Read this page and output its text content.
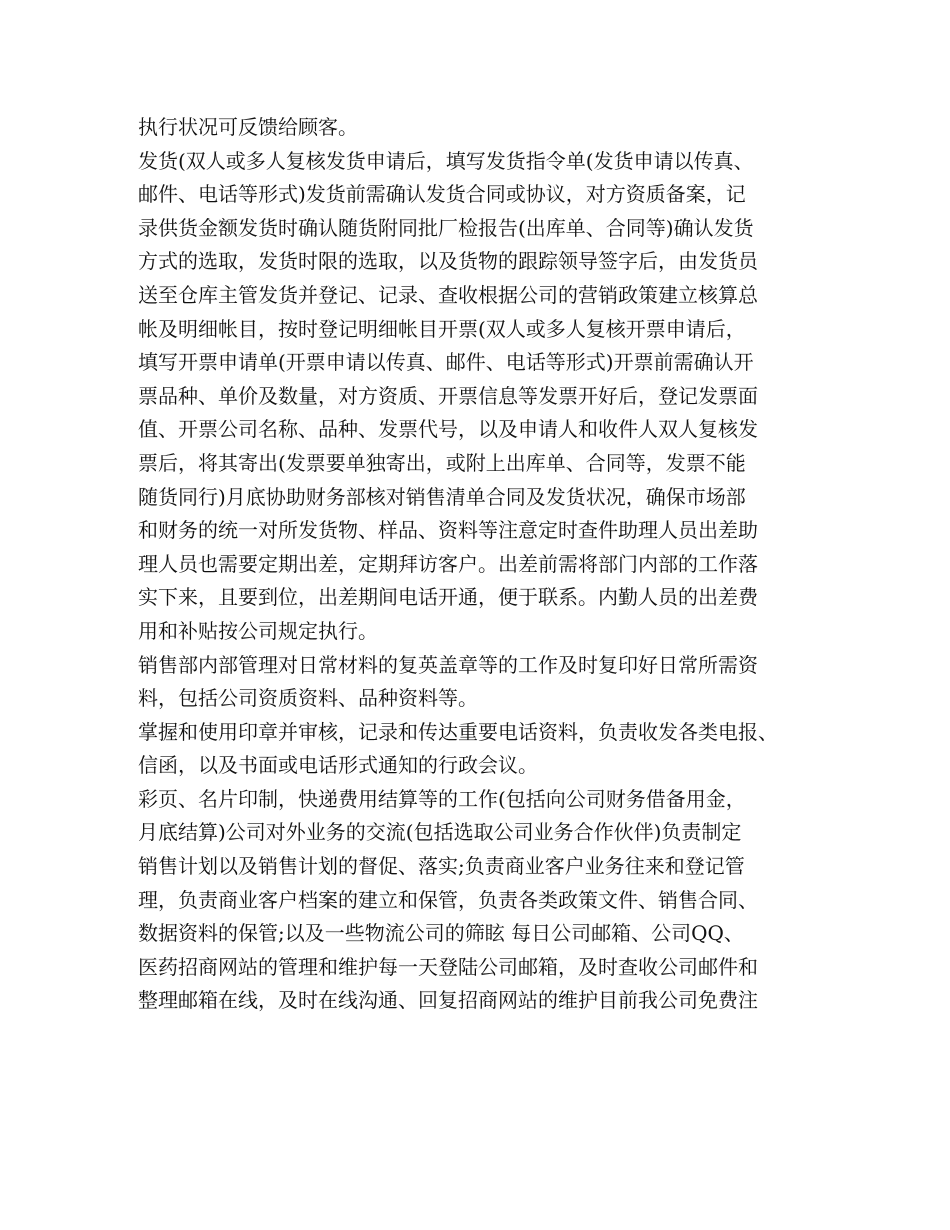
执行状况可反馈给顾客。
发货(双人或多人复核发货申请后，填写发货指令单(发货申请以传真、
邮件、电话等形式)发货前需确认发货合同或协议，对方资质备案，记
录供货金额发货时确认随货附同批厂检报告(出库单、合同等)确认发货
方式的选取，发货时限的选取，以及货物的跟踪领导签字后，由发货员
送至仓库主管发货并登记、记录、查收根据公司的营销政策建立核算总
帐及明细帐目，按时登记明细帐目开票(双人或多人复核开票申请后，
填写开票申请单(开票申请以传真、邮件、电话等形式)开票前需确认开
票品种、单价及数量，对方资质、开票信息等发票开好后，登记发票面
值、开票公司名称、品种、发票代号，以及申请人和收件人双人复核发
票后，将其寄出(发票要单独寄出，或附上出库单、合同等，发票不能
随货同行)月底协助财务部核对销售清单合同及发货状况，确保市场部
和财务的统一对所发货物、样品、资料等注意定时查件助理人员出差助
理人员也需要定期出差，定期拜访客户。出差前需将部门内部的工作落
实下来，且要到位，出差期间电话开通，便于联系。内勤人员的出差费
用和补贴按公司规定执行。
销售部内部管理对日常材料的复英盖章等的工作及时复印好日常所需资
料，包括公司资质资料、品种资料等。
掌握和使用印章并审核，记录和传达重要电话资料，负责收发各类电报、
信函，以及书面或电话形式通知的行政会议。
彩页、名片印制，快递费用结算等的工作(包括向公司财务借备用金，
月底结算)公司对外业务的交流(包括选取公司业务合作伙伴)负责制定
销售计划以及销售计划的督促、落实;负责商业客户业务往来和登记管
理，负责商业客户档案的建立和保管，负责各类政策文件、销售合同、
数据资料的保管;以及一些物流公司的筛眩 每日公司邮箱、公司QQ、
医药招商网站的管理和维护每一天登陆公司邮箱，及时查收公司邮件和
整理邮箱在线，及时在线沟通、回复招商网站的维护目前我公司免费注
